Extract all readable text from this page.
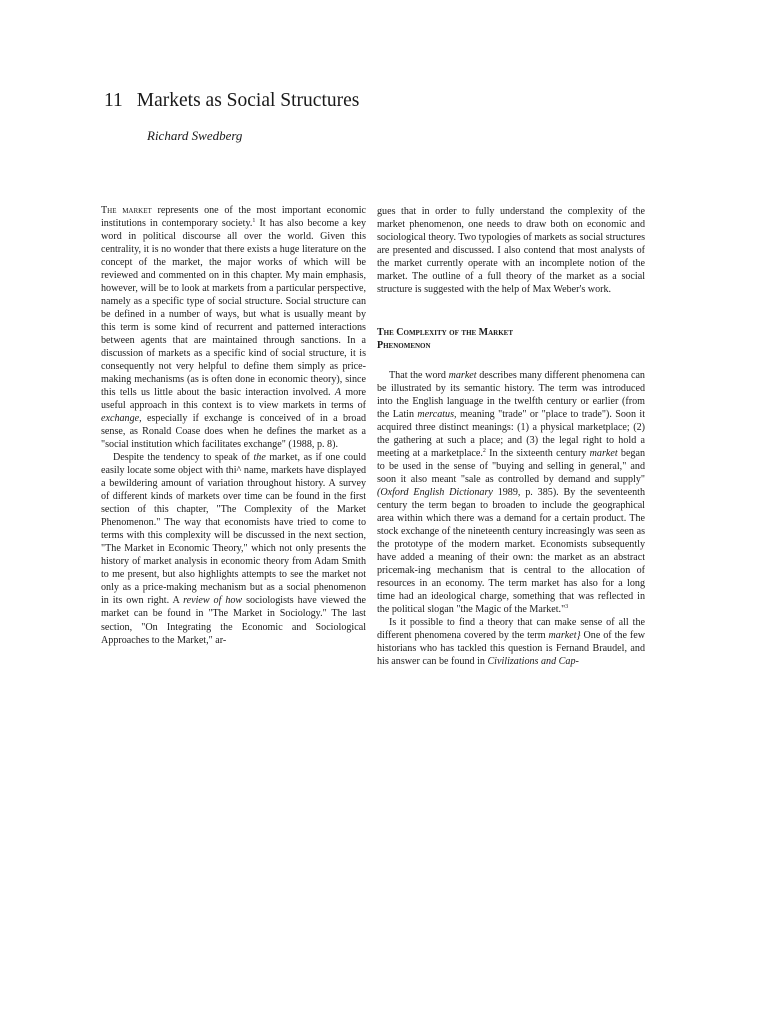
11 Markets as Social Structures
Richard Swedberg

The market represents one of the most important economic institutions in contemporary society.$^1$ It has also become a key word in political discourse all over the world. Given this centrality, it is no wonder that there exists a huge literature on the concept of the market, the major works of which will be reviewed and commented on in this chapter. My main emphasis, however, will be to look at markets from a particular perspective, namely as a specific type of social structure. Social structure can be defined in a number of ways, but what is usually meant by this term is some kind of recurrent and patterned interactions between agents that are maintained through sanctions. In a discussion of markets as a specific kind of social structure, it is consequently not very helpful to define them simply as price-making mechanisms (as is often done in economic theory), since this tells us little about the basic interaction involved. A more useful approach in this context is to view markets in terms of exchange, especially if exchange is conceived of in a broad sense, as Ronald Coase does when he defines the market as a "social institution which facilitates exchange" (1988, p. 8).

Despite the tendency to speak of the market, as if one could easily locate some object with thi^ name, markets have displayed a bewildering amount of variation throughout history. A survey of different kinds of markets over time can be found in the first section of this chapter, "The Complexity of the Market Phenomenon." The way that economists have tried to come to terms with this complexity will be discussed in the next section, "The Market in Economic Theory," which not only presents the history of market analysis in economic theory from Adam Smith to me present, but also highlights attempts to see the market not only as a price-making mechanism but as a social phenomenon in its own right. A review of how sociologists have viewed the market can be found in "The Market in Sociology." The last section, "On Integrating the Economic and Sociological Approaches to the Market," ar-

gues that in order to fully understand the complexity of the market phenomenon, one needs to draw both on economic and sociological theory. Two typologies of markets as social structures are presented and discussed. I also contend that most analysts of the market currently operate with an incomplete notion of the market. The outline of a full theory of the market as a social structure is suggested with the help of Max Weber's work.

The Complexity of the Market
Phenomenon

That the word market describes many different phenomena can be illustrated by its semantic history. The term was introduced into the English language in the twelfth century or earlier (from the Latin mercatus, meaning "trade" or "place to trade"). Soon it acquired three distinct meanings: (1) a physical marketplace; (2) the gathering at such a place; and (3) the legal right to hold a meeting at a marketplace.$^2$ In the sixteenth century market began to be used in the sense of "buying and selling in general," and soon it also meant "sale as controlled by demand and supply" (Oxford English Dictionary 1989, p. 385). By the seventeenth century the term began to broaden to include the geographical area within which there was a demand for a certain product. The stock exchange of the nineteenth century increasingly was seen as the prototype of the modern market. Economists subsequently have added a meaning of their own: the market as an abstract pricemak-ing mechanism that is central to the allocation of resources in an economy. The term market has also for a long time had an ideological charge, something that was reflected in the political slogan "the Magic of the Market."$^3$

Is it possible to find a theory that can make sense of all the different phenomena covered by the term market} One of the few historians who has tackled this question is Fernand Braudel, and his answer can be found in Civilizations and Cap-
